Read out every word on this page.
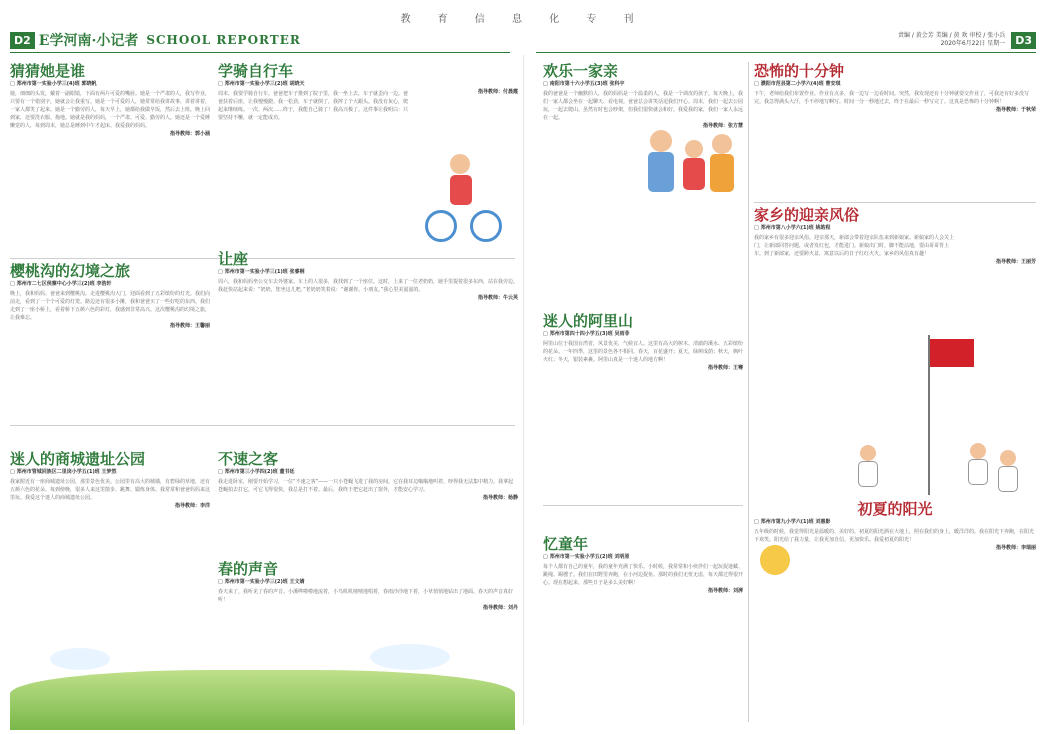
教 育 信 息 化 专 刊
D2 E学河南·小记者 SCHOOL REPORTER	责编 / 黄会芳 美编 / 黄 欢 审校 / 张小兵
2020年6月22日 星期一 D3
猜猜她是谁
□ 郑州市第一实验小学三(4)班 郭晓帆
她，细细的头发，戴着一副眼镜，下面有两片可爱的嘴唇。她是一个严肃的人，我写作业，只要有一个错别字，她就会让我重写。她是一个可爱的人，她常常给我讲故事，讲着讲着，一家人都笑了起来。她是一个勤劳的人，每天早上，她都给我做早饭，然后去上班。晚上回到家，还要洗衣服、拖地。她就是我的妈妈，一个严肃、可爱、勤劳的人。她还是一个爱睡懒觉的人，每到周末，她总是睡到中午才起床。我爱我的妈妈。
指导教师：郭小涵
学骑自行车
□ 郑州市第一实验小学三(2)班 胡晓天
周末，我要学骑自行车。爸爸把车子推到了院子里，我一坐上去，车子就歪向一边。爸爸扶着后座，让我慢慢蹬。我一松劲，车子就倒了，我摔了个大跟头。我没有灰心，爬起来继续练。一次、两次……终于，我能自己骑了！我高兴极了。这件事让我明白：只要坚持不懈，就一定能成功。
指导教师：付晨霞
樱桃沟的幻境之旅
□ 郑州市二七区侯寨中心小学三(2)班 李浩轩
晚上，我和妈妈、爸爸来到樱桃沟。走进樱桃沟大门，迎面看到了五彩缤纷的灯光。我们向前走，看到了一个个可爱的灯笼。路边还有很多小摊，我和爸爸买了一些好吃的东西。我们走到了一座小桥上，看着桥下五颜六色的彩灯，我感到非常高兴。这次樱桃沟的幻境之旅，让我难忘。
指导教师：王馨丽
让座
□ 郑州市第一实验小学三(1)班 张睿桐
周六，我和妈妈坐公交车去外婆家。车上的人很多，我找到了一个座位。这时，上来了一位老奶奶，她手里提着很多东西，站在我旁边。我赶快站起来说：“奶奶，您坐这儿吧。”老奶奶笑着说：“谢谢你，小朋友。”我心里美滋滋的。
指导教师：牛云英
迷人的商城遗址公园
□ 郑州市管城回族区二里岗小学五(1)班 王梦然
我家附近有一座商城遗址公园，那里景色优美。公园里有高大的城墙，有碧绿的草地，还有五颜六色的花朵。每到傍晚，很多人来这里散步、跳舞、锻炼身体。我常常和爸爸妈妈来这里玩。我爱这个迷人的商城遗址公园。
指导教师：李洋
不速之客
□ 郑州市第三小学四(2)班 董书廷
我走进卧室，刚要开始学习，一位“不速之客”——一只小苍蝇飞进了我的房间。它在我耳边嗡嗡地叫着，吵得我无法集中精力。我拿起苍蝇拍去打它，可它飞得很快，我总是打不着。最后，我终于把它赶出了窗外，才能安心学习。
指导教师：杨静
春的声音
□ 郑州市第一实验小学三(2)班 王文婧
春天来了，我听见了春的声音。小溪哗啦啦地流着，小鸟叽叽喳喳地唱着，春雨沙沙地下着，小草悄悄地钻出了地面。春天的声音真好听！
指导教师：刘丹
欢乐一家亲
□ 南阳市第十六小学五(3)班 张科宇
我的爸爸是一个幽默的人，我的妈妈是一个温柔的人，我是一个调皮的孩子。每天晚上，我们一家人都会坐在一起聊天、看电视。爸爸总会讲笑话逗我们开心。周末，我们一起去公园玩，一起去爬山。虽然有时也会吵架，但我们很快就会和好。我爱我的家，我们一家人永远在一起。
指导教师：张方慧
迷人的阿里山
□ 郑州市第四十四小学五(3)班 吴雨菲
阿里山位于我国台湾省，风景优美，气候宜人。这里有高大的树木、清澈的溪水、五彩缤纷的花朵。一年四季，这里的景色各不相同。春天，百花盛开；夏天，绿树成荫；秋天，枫叶火红；冬天，银装素裹。阿里山真是一个迷人的地方啊！
指导教师：王骞
忆童年
□ 郑州市第一实验小学五(2)班 刘明原
每个人都有自己的童年，我的童年充满了快乐。小时候，我常常和小伙伴们一起玩捉迷藏、跳绳、踢毽子。我们在田野里奔跑，在小河边捉鱼。那时的我们无忧无虑，每天都过得很开心。现在想起来，那些日子是多么美好啊！
指导教师：刘湃
恐怖的十分钟
□ 濮阳市范县第二小学六(4)班 曹安琪
下午，老师给我们布置作业。作业有点多，我一边写一边看时间。突然，我发现还有十分钟就要交作业了，可我还有好多没写完。我急得满头大汗，手不停地写啊写。时间一分一秒地过去，终于在最后一秒写完了。这真是恐怖的十分钟啊！
指导教师：于秋荣
家乡的迎亲风俗
□ 郑州市第八小学六(1)班 姚皓程
我的家乡有很多迎亲风俗。迎亲那天，新郎会带着迎亲队伍来到新娘家。新娘家的人会关上门，让新郎回答问题，或者发红包，才能进门。新娘出门时，脚不能沾地，要由哥哥背上车。到了新郎家，还要跨火盆，寓意以后的日子红红火火。家乡的风俗真有趣！
指导教师：王丽芳
初夏的阳光
□ 郑州市第九小学六(1)班 刘惠影
五年级的时候，我觉得阳光是温暖的、美好的。初夏的阳光洒在大地上，照在我们的身上，暖洋洋的。我在阳光下奔跑，在阳光下欢笑。阳光给了我力量，让我更加自信、更加快乐。我爱初夏的阳光！
指导教师：李瑞丽
